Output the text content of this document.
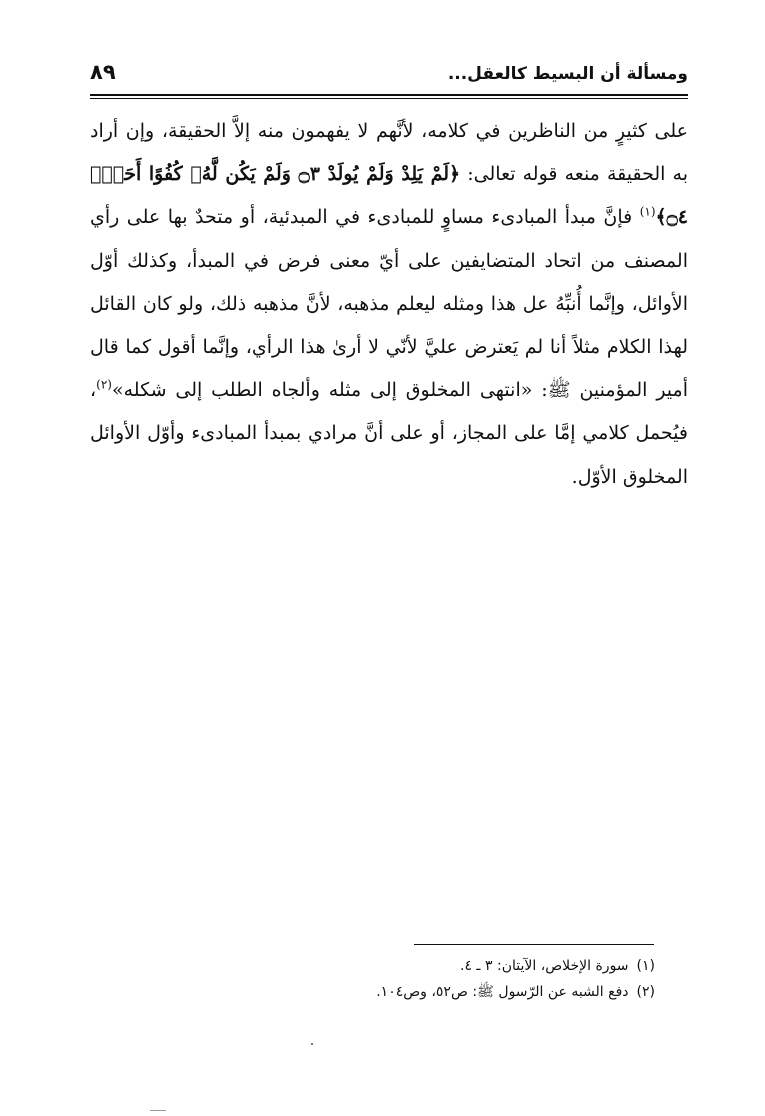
ومسألة أن البسيط كالعقل...
٨٩

على كثيرٍ من الناظرين في كلامه، لأنَّهم لا يفهمون منه إلاَّ الحقيقة، وإن أراد به الحقيقة منعه قوله تعالى: ﴿لَمْ يَلِدْ وَلَمْ يُولَدْ ۝٣ وَلَمْ يَكُن لَّهُۥ كُفُوًا أَحَدٌۢ ۝٤﴾$^{(١)}$ فإنَّ مبدأ المبادىء مساوٍ للمبادىء في المبدئية، أو متحدٌ بها على رأي المصنف من اتحاد المتضايفين على أيّ معنى فرض في المبدأ، وكذلك أوّل الأوائل، وإنَّما أُنبِّهُ عل هذا ومثله ليعلم مذهبه، لأنَّ مذهبه ذلك، ولو كان القائل لهذا الكلام مثلاً أنا لم يَعترض عليَّ لأنّي لا أرىٰ هذا الرأي، وإنَّما أقول كما قال أمير المؤمنين ﷺ: «انتهى المخلوق إلى مثله وألجاه الطلب إلى شكله»$^{(٢)}$، فيُحمل كلامي إمَّا على المجاز، أو على أنَّ مرادي بمبدأ المبادىء وأوّل الأوائل المخلوق الأوّل.

(١)سورة الإخلاص، الآيتان: ٣ ـ ٤.
(٢)دفع الشبه عن الرّسول ﷺ: ص٥٢، وص١٠٤.
